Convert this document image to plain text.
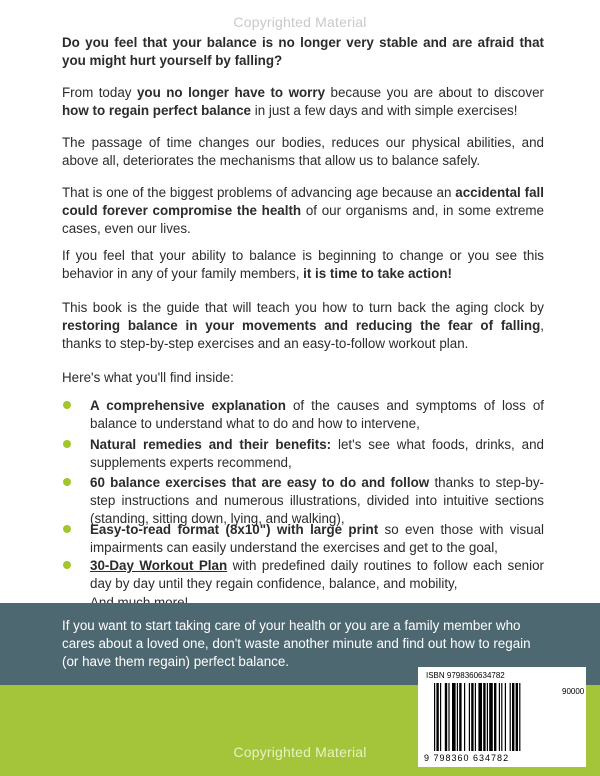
Copyrighted Material
Do you feel that your balance is no longer very stable and are afraid that you might hurt yourself by falling?
From today you no longer have to worry because you are about to discover how to regain perfect balance in just a few days and with simple exercises!
The passage of time changes our bodies, reduces our physical abilities, and above all, deteriorates the mechanisms that allow us to balance safely.
That is one of the biggest problems of advancing age because an accidental fall could forever compromise the health of our organisms and, in some extreme cases, even our lives.
If you feel that your ability to balance is beginning to change or you see this behavior in any of your family members, it is time to take action!
This book is the guide that will teach you how to turn back the aging clock by restoring balance in your movements and reducing the fear of falling, thanks to step-by-step exercises and an easy-to-follow workout plan.
Here's what you'll find inside:
A comprehensive explanation of the causes and symptoms of loss of balance to understand what to do and how to intervene,
Natural remedies and their benefits: let's see what foods, drinks, and supplements experts recommend,
60 balance exercises that are easy to do and follow thanks to step-by-step instructions and numerous illustrations, divided into intuitive sections (standing, sitting down, lying, and walking),
Easy-to-read format (8x10") with large print so even those with visual impairments can easily understand the exercises and get to the goal,
30-Day Workout Plan with predefined daily routines to follow each senior day by day until they regain confidence, balance, and mobility,
If you want to start taking care of your health or you are a family member who cares about a loved one, don't waste another minute and find out how to regain (or have them regain) perfect balance.
ISBN 9798360634782
90000
9 798360 634782
Copyrighted Material
